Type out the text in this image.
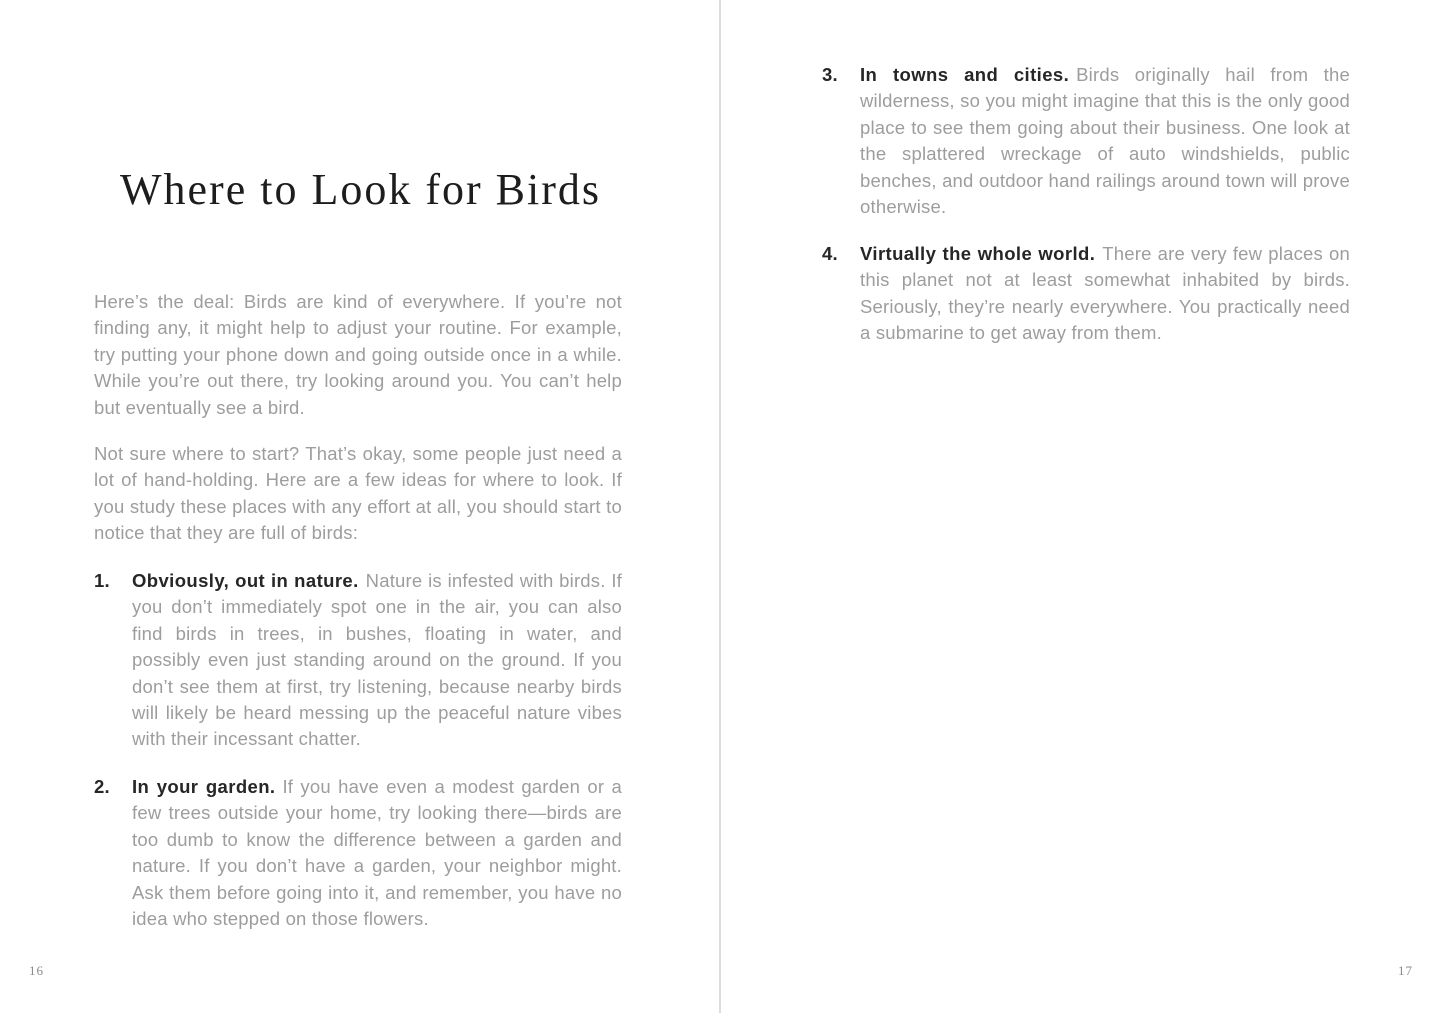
Where to Look for Birds

Here’s the deal: Birds are kind of everywhere. If you’re not finding any, it might help to adjust your routine. For example, try putting your phone down and going outside once in a while. While you’re out there, try looking around you. You can’t help but eventually see a bird.

Not sure where to start? That’s okay, some people just need a lot of hand-holding. Here are a few ideas for where to look. If you study these places with any effort at all, you should start to notice that they are full of birds:

1.	Obviously, out in nature. Nature is infested with birds. If you don’t immediately spot one in the air, you can also find birds in trees, in bushes, floating in water, and possibly even just standing around on the ground. If you don’t see them at first, try listening, because nearby birds will likely be heard messing up the peaceful nature vibes with their incessant chatter.
2.	In your garden. If you have even a modest garden or a few trees outside your home, try looking there—birds are too dumb to know the difference between a garden and nature. If you don’t have a garden, your neighbor might. Ask them before going into it, and remember, you have no idea who stepped on those flowers.
16
3.	In towns and cities. Birds originally hail from the wilderness, so you might imagine that this is the only good place to see them going about their business. One look at the splattered wreckage of auto windshields, public benches, and outdoor hand railings around town will prove otherwise.
4.	Virtually the whole world. There are very few places on this planet not at least somewhat inhabited by birds. Seriously, they’re nearly everywhere. You practically need a submarine to get away from them.
17
